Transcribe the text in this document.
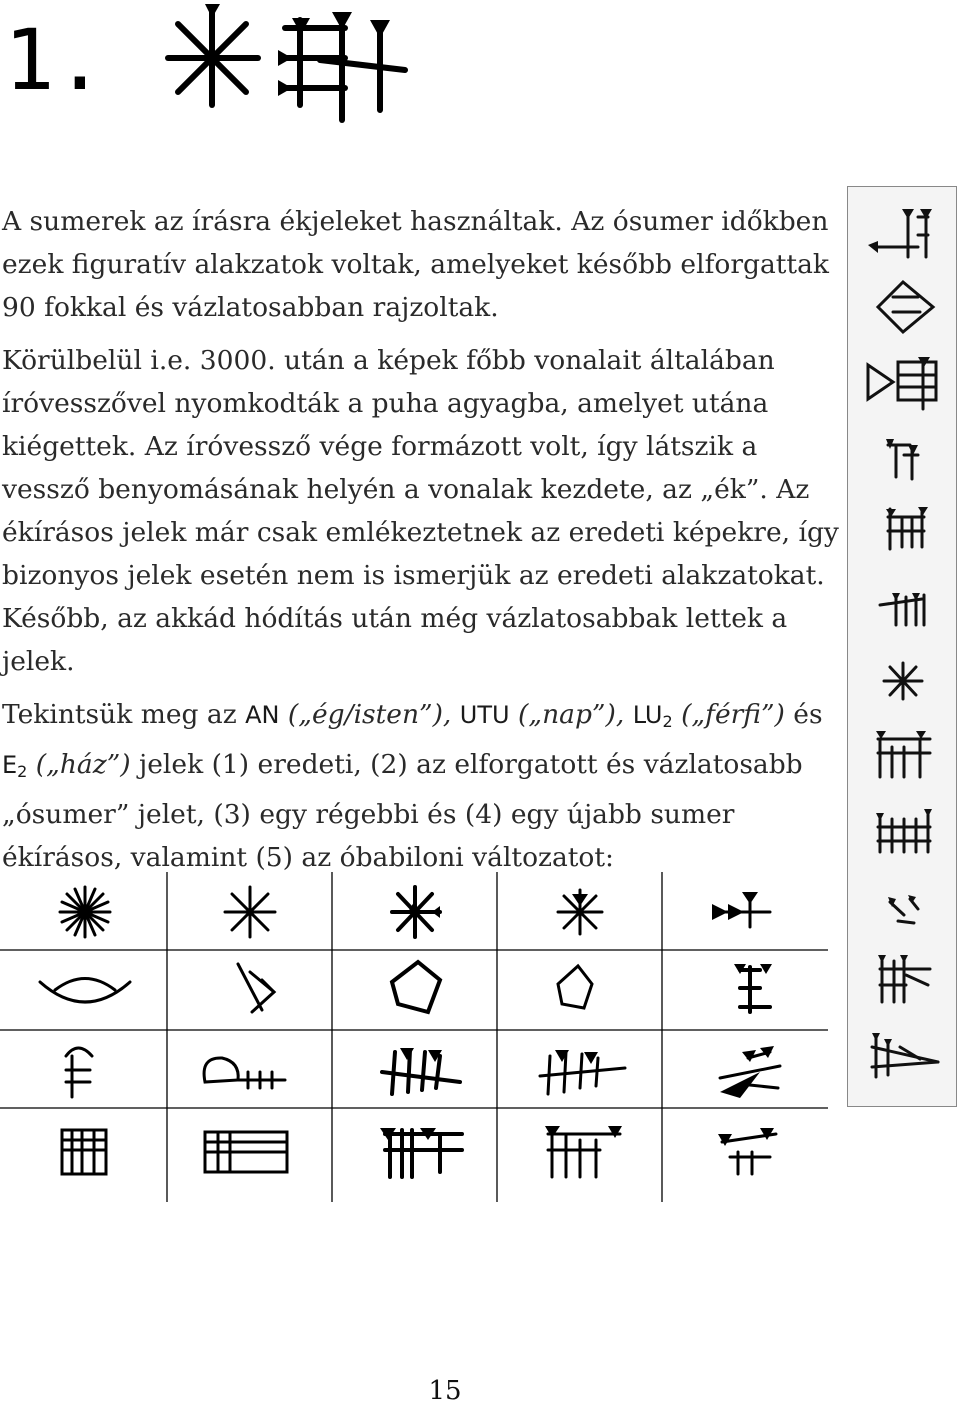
1.

A sumerek az írásra ékjeleket használtak. Az ósumer időkben ezek figuratív alakzatok voltak, amelyeket később elforgattak 90 fokkal és vázlatosabban rajzoltak.

Körülbelül i.e. 3000. után a képek főbb vonalait általában íróvesszővel nyomkodták a puha agyagba, amelyet utána kiégettek. Az íróvessző vége formázott volt, így látszik a vessző benyomásának helyén a vonalak kezdete, az „ék”. Az ékírásos jelek már csak emlékeztetnek az eredeti képekre, így bizonyos jelek esetén nem is ismerjük az eredeti alakzatokat. Később, az akkád hódítás után még vázlatosabbak lettek a jelek.

Tekintsük meg az AN („ég/isten”), UTU („nap”), $LU_2$ („férfi”) és $E_2$ („ház”) jelek (1) eredeti, (2) az elforgatott és vázlatosabb „ósumer” jelet, (3) egy régebbi és (4) egy újabb sumer ékírásos, valamint (5) az óbabiloni változatot:

15
